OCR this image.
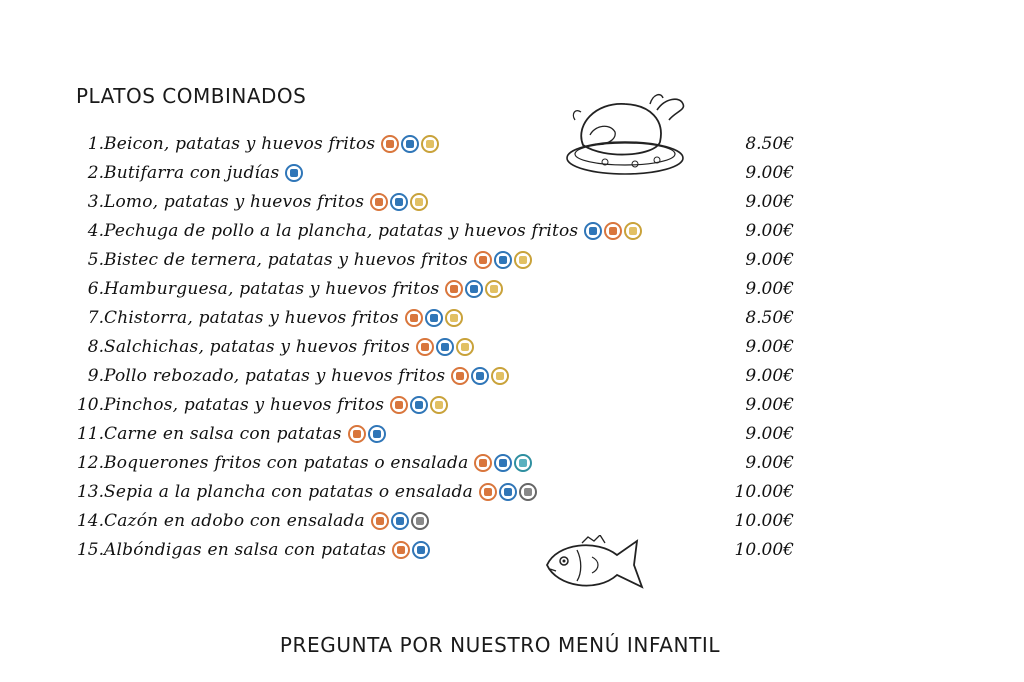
PLATOS COMBINADOS
1. Beicon, patatas y huevos fritos	8.50€
2. Butifarra con judías	9.00€
3. Lomo, patatas y huevos fritos	9.00€
4. Pechuga de pollo a la plancha, patatas y huevos fritos	9.00€
5. Bistec de ternera, patatas y huevos fritos	9.00€
6. Hamburguesa, patatas y huevos fritos	9.00€
7. Chistorra, patatas y huevos fritos	8.50€
8. Salchichas, patatas y huevos fritos	9.00€
9. Pollo rebozado, patatas y huevos fritos	9.00€
10. Pinchos, patatas y huevos fritos	9.00€
11. Carne en salsa con patatas	9.00€
12. Boquerones fritos con patatas o ensalada	9.00€
13. Sepia a la plancha con patatas o ensalada	10.00€
14. Cazón en adobo con ensalada	10.00€
15. Albóndigas en salsa con patatas	10.00€
PREGUNTA POR NUESTRO MENÚ INFANTIL
